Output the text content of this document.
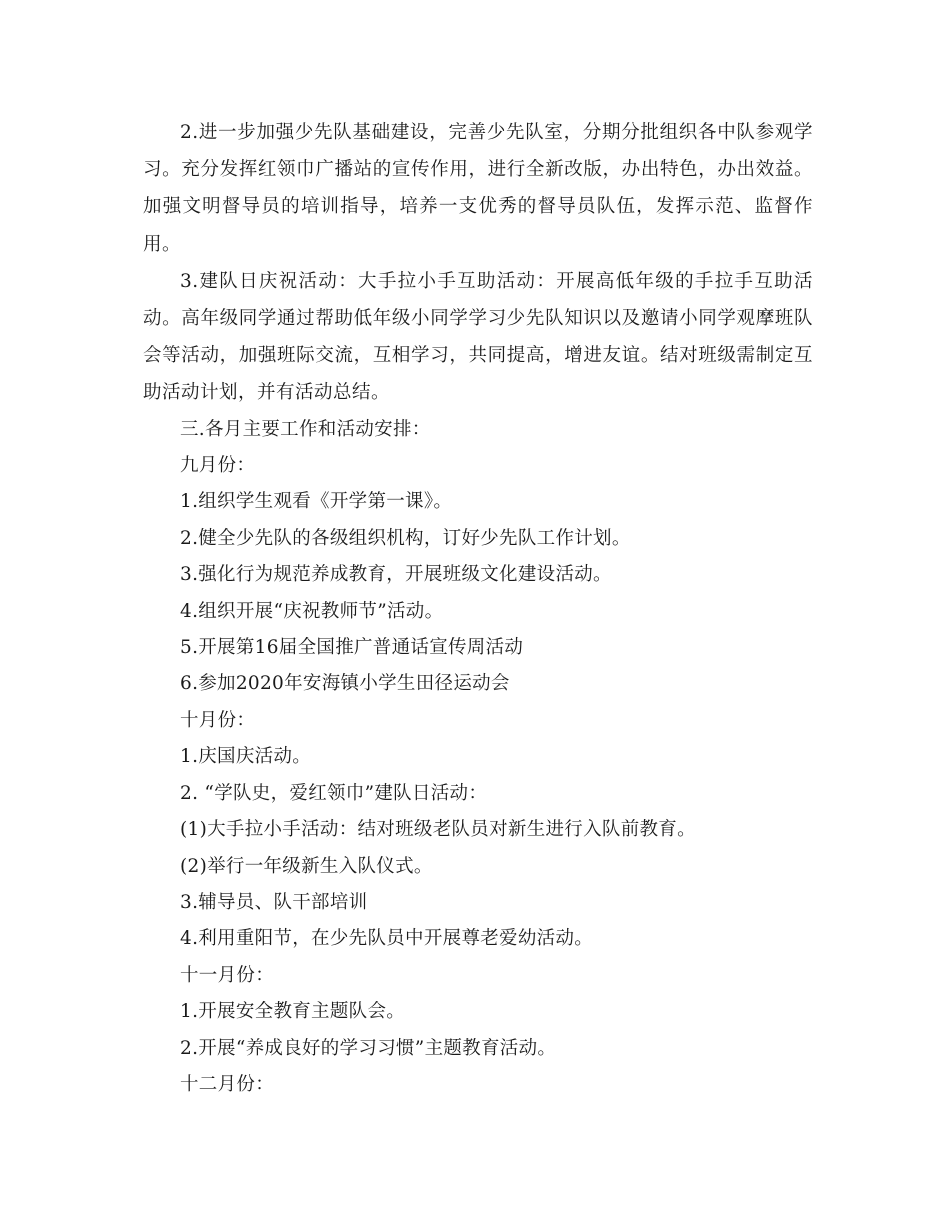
2.进一步加强少先队基础建设，完善少先队室，分期分批组织各中队参观学习。充分发挥红领巾广播站的宣传作用，进行全新改版，办出特色，办出效益。加强文明督导员的培训指导，培养一支优秀的督导员队伍，发挥示范、监督作用。

3.建队日庆祝活动：大手拉小手互助活动：开展高低年级的手拉手互助活动。高年级同学通过帮助低年级小同学学习少先队知识以及邀请小同学观摩班队会等活动，加强班际交流，互相学习，共同提高，增进友谊。结对班级需制定互助活动计划，并有活动总结。

三.各月主要工作和活动安排：

九月份：

1.组织学生观看《开学第一课》。

2.健全少先队的各级组织机构，订好少先队工作计划。

3.强化行为规范养成教育，开展班级文化建设活动。

4.组织开展“庆祝教师节”活动。

5.开展第16届全国推广普通话宣传周活动

6.参加2020年安海镇小学生田径运动会

十月份：

1.庆国庆活动。

2. “学队史，爱红领巾”建队日活动：

(1)大手拉小手活动：结对班级老队员对新生进行入队前教育。

(2)举行一年级新生入队仪式。

3.辅导员、队干部培训

4.利用重阳节，在少先队员中开展尊老爱幼活动。

十一月份：

1.开展安全教育主题队会。

2.开展“养成良好的学习习惯”主题教育活动。

十二月份：
